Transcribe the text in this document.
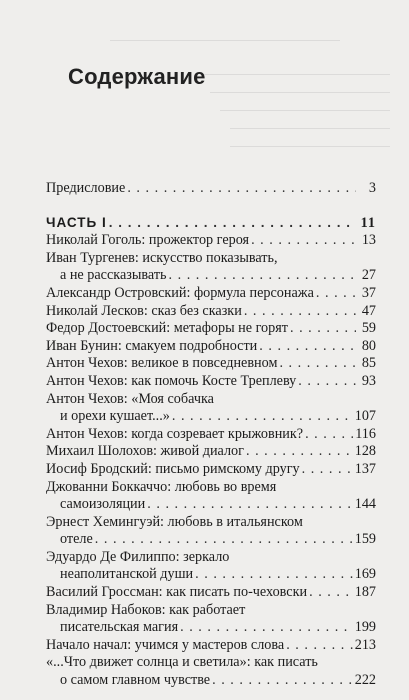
Содержание
Предисловие . . .	3
ЧАСТЬ I . . .	11
Николай Гоголь: прожектор героя . . .	13
Иван Тургенев: искусство показывать,
а не рассказывать . . .	27
Александр Островский: формула персонажа . . .	37
Николай Лесков: сказ без сказки . . .	47
Федор Достоевский: метафоры не горят . . .	59
Иван Бунин: смакуем подробности . . .	80
Антон Чехов: великое в повседневном . . .	85
Антон Чехов: как помочь Косте Треплеву . . .	93
Антон Чехов: «Моя собачка
и орехи кушает...» . . .	107
Антон Чехов: когда созревает крыжовник? . . .	116
Михаил Шолохов: живой диалог . . .	128
Иосиф Бродский: письмо римскому другу . . .	137
Джованни Боккаччо: любовь во время
самоизоляции . . .	144
Эрнест Хемингуэй: любовь в итальянском
отеле . . .	159
Эдуардо Де Филиппо: зеркало
неаполитанской души . . .	169
Василий Гроссман: как писать по-чеховски . . .	187
Владимир Набоков: как работает
писательская магия . . .	199
Начало начал: учимся у мастеров слова . . .	213
«...Что движет солнца и светила»: как писать
о самом главном чувстве . . .	222
